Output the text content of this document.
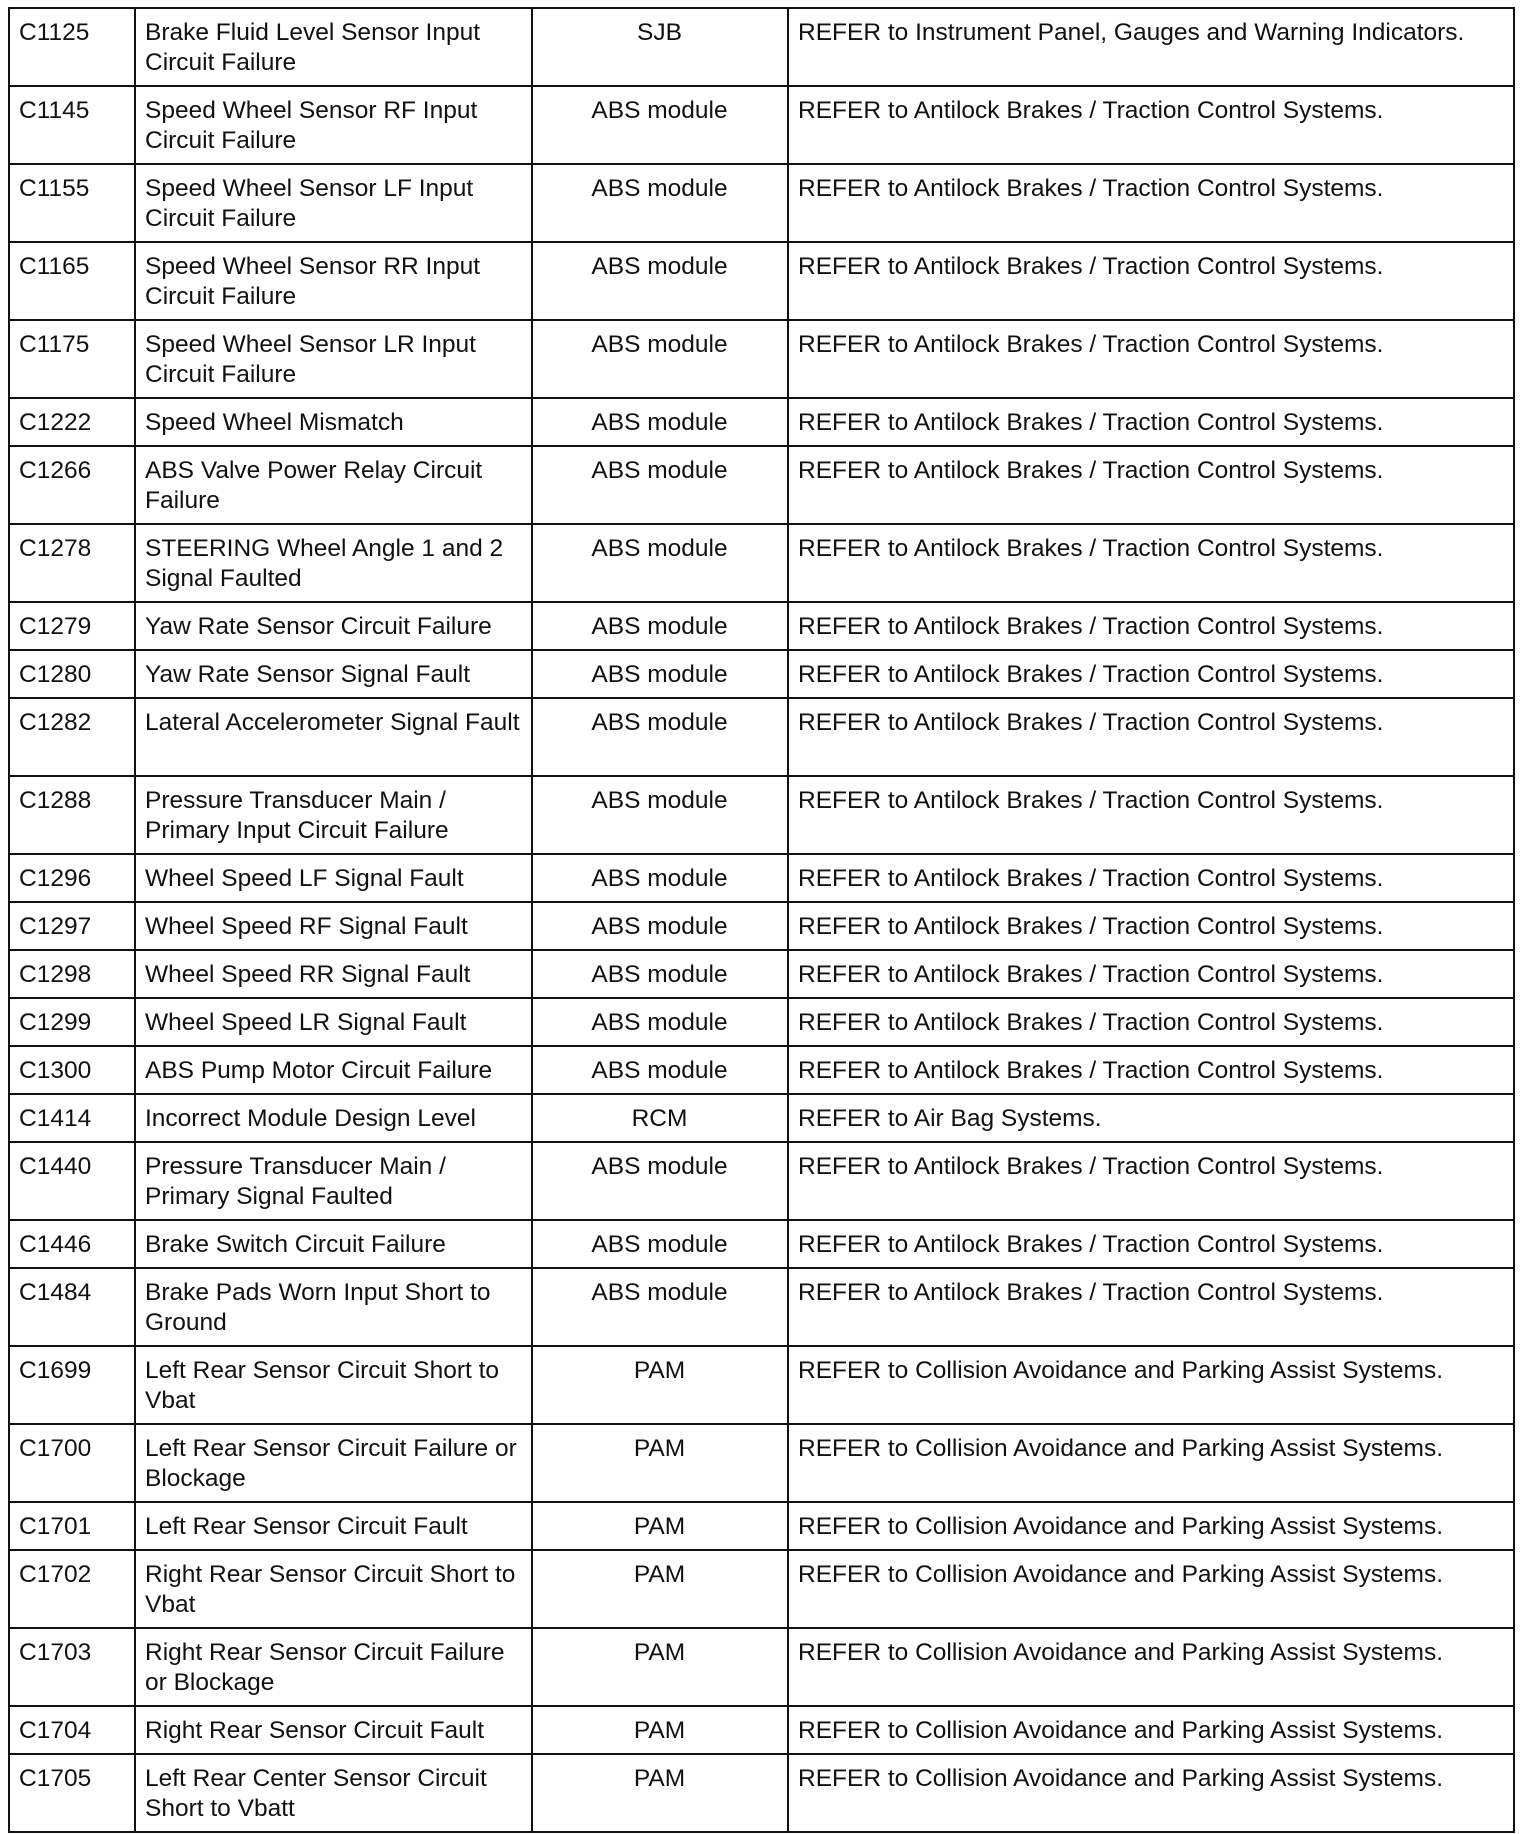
C1125	Brake Fluid Level Sensor Input Circuit Failure	SJB	REFER to Instrument Panel, Gauges and Warning Indicators.
C1145	Speed Wheel Sensor RF Input Circuit Failure	ABS module	REFER to Antilock Brakes / Traction Control Systems.
C1155	Speed Wheel Sensor LF Input Circuit Failure	ABS module	REFER to Antilock Brakes / Traction Control Systems.
C1165	Speed Wheel Sensor RR Input Circuit Failure	ABS module	REFER to Antilock Brakes / Traction Control Systems.
C1175	Speed Wheel Sensor LR Input Circuit Failure	ABS module	REFER to Antilock Brakes / Traction Control Systems.
C1222	Speed Wheel Mismatch	ABS module	REFER to Antilock Brakes / Traction Control Systems.
C1266	ABS Valve Power Relay Circuit Failure	ABS module	REFER to Antilock Brakes / Traction Control Systems.
C1278	STEERING Wheel Angle 1 and 2 Signal Faulted	ABS module	REFER to Antilock Brakes / Traction Control Systems.
C1279	Yaw Rate Sensor Circuit Failure	ABS module	REFER to Antilock Brakes / Traction Control Systems.
C1280	Yaw Rate Sensor Signal Fault	ABS module	REFER to Antilock Brakes / Traction Control Systems.
C1282	Lateral Accelerometer Signal Fault	ABS module	REFER to Antilock Brakes / Traction Control Systems.
C1288	Pressure Transducer Main / Primary Input Circuit Failure	ABS module	REFER to Antilock Brakes / Traction Control Systems.
C1296	Wheel Speed LF Signal Fault	ABS module	REFER to Antilock Brakes / Traction Control Systems.
C1297	Wheel Speed RF Signal Fault	ABS module	REFER to Antilock Brakes / Traction Control Systems.
C1298	Wheel Speed RR Signal Fault	ABS module	REFER to Antilock Brakes / Traction Control Systems.
C1299	Wheel Speed LR Signal Fault	ABS module	REFER to Antilock Brakes / Traction Control Systems.
C1300	ABS Pump Motor Circuit Failure	ABS module	REFER to Antilock Brakes / Traction Control Systems.
C1414	Incorrect Module Design Level	RCM	REFER to Air Bag Systems.
C1440	Pressure Transducer Main / Primary Signal Faulted	ABS module	REFER to Antilock Brakes / Traction Control Systems.
C1446	Brake Switch Circuit Failure	ABS module	REFER to Antilock Brakes / Traction Control Systems.
C1484	Brake Pads Worn Input Short to Ground	ABS module	REFER to Antilock Brakes / Traction Control Systems.
C1699	Left Rear Sensor Circuit Short to Vbat	PAM	REFER to Collision Avoidance and Parking Assist Systems.
C1700	Left Rear Sensor Circuit Failure or Blockage	PAM	REFER to Collision Avoidance and Parking Assist Systems.
C1701	Left Rear Sensor Circuit Fault	PAM	REFER to Collision Avoidance and Parking Assist Systems.
C1702	Right Rear Sensor Circuit Short to Vbat	PAM	REFER to Collision Avoidance and Parking Assist Systems.
C1703	Right Rear Sensor Circuit Failure or Blockage	PAM	REFER to Collision Avoidance and Parking Assist Systems.
C1704	Right Rear Sensor Circuit Fault	PAM	REFER to Collision Avoidance and Parking Assist Systems.
C1705	Left Rear Center Sensor Circuit Short to Vbatt	PAM	REFER to Collision Avoidance and Parking Assist Systems.
